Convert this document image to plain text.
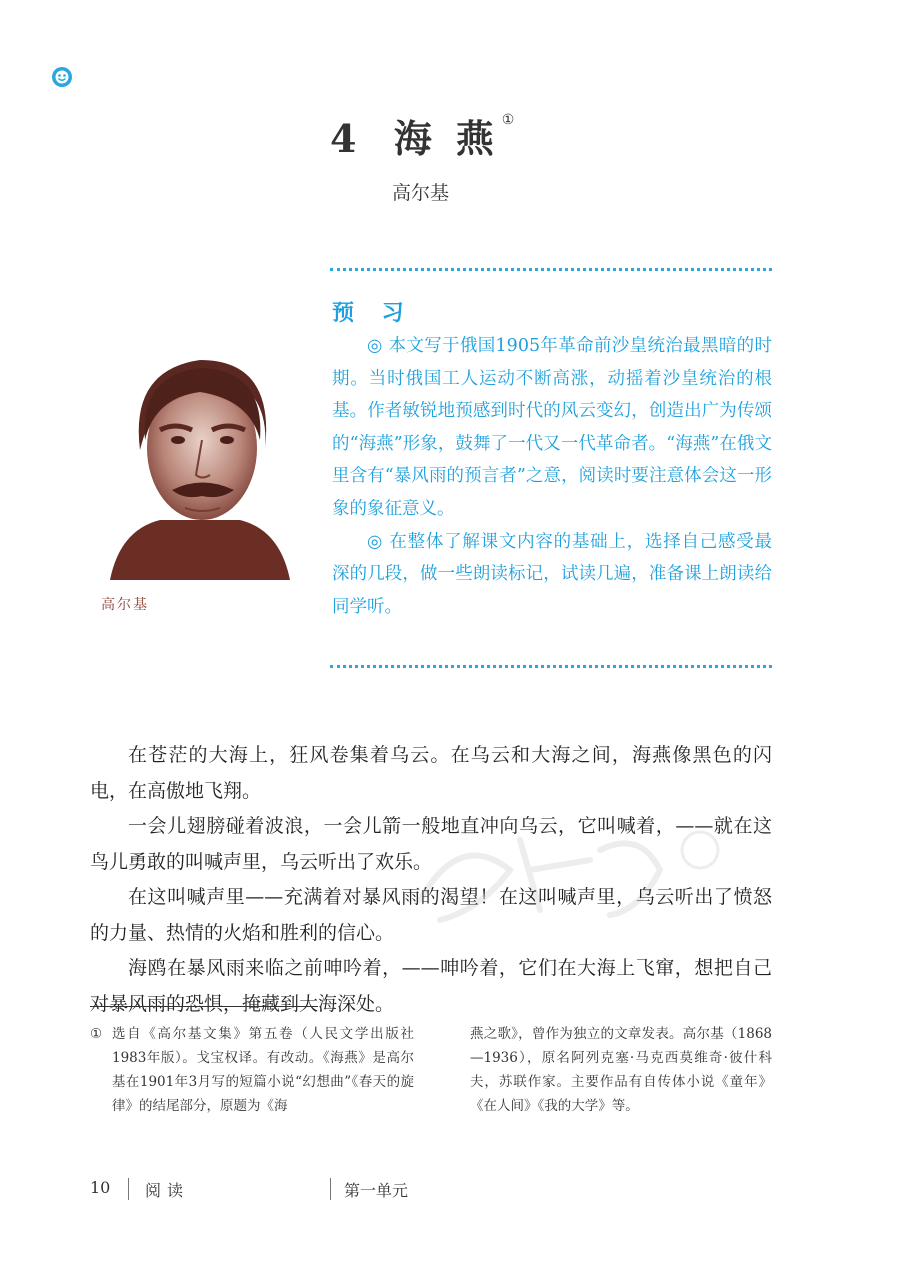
4 海 燕 ①
高尔基
预 习

◎ 本文写于俄国1905年革命前沙皇统治最黑暗的时期。当时俄国工人运动不断高涨，动摇着沙皇统治的根基。作者敏锐地预感到时代的风云变幻，创造出广为传颂的“海燕”形象，鼓舞了一代又一代革命者。“海燕”在俄文里含有“暴风雨的预言者”之意，阅读时要注意体会这一形象的象征意义。

◎ 在整体了解课文内容的基础上，选择自己感受最深的几段，做一些朗读标记，试读几遍，准备课上朗读给同学听。

高尔基

在苍茫的大海上，狂风卷集着乌云。在乌云和大海之间，海燕像黑色的闪电，在高傲地飞翔。

一会儿翅膀碰着波浪，一会儿箭一般地直冲向乌云，它叫喊着，——就在这鸟儿勇敢的叫喊声里，乌云听出了欢乐。

在这叫喊声里——充满着对暴风雨的渴望！在这叫喊声里，乌云听出了愤怒的力量、热情的火焰和胜利的信心。

海鸥在暴风雨来临之前呻吟着，——呻吟着，它们在大海上飞窜，想把自己对暴风雨的恐惧，掩藏到大海深处。

① 选自《高尔基文集》第五卷（人民文学出版社1983年版）。戈宝权译。有改动。《海燕》是高尔基在1901年3月写的短篇小说“幻想曲”《春天的旋律》的结尾部分，原题为《海
燕之歌》，曾作为独立的文章发表。高尔基（1868—1936），原名阿列克塞·马克西莫维奇·彼什科夫，苏联作家。主要作品有自传体小说《童年》《在人间》《我的大学》等。
10 阅读	第一单元
